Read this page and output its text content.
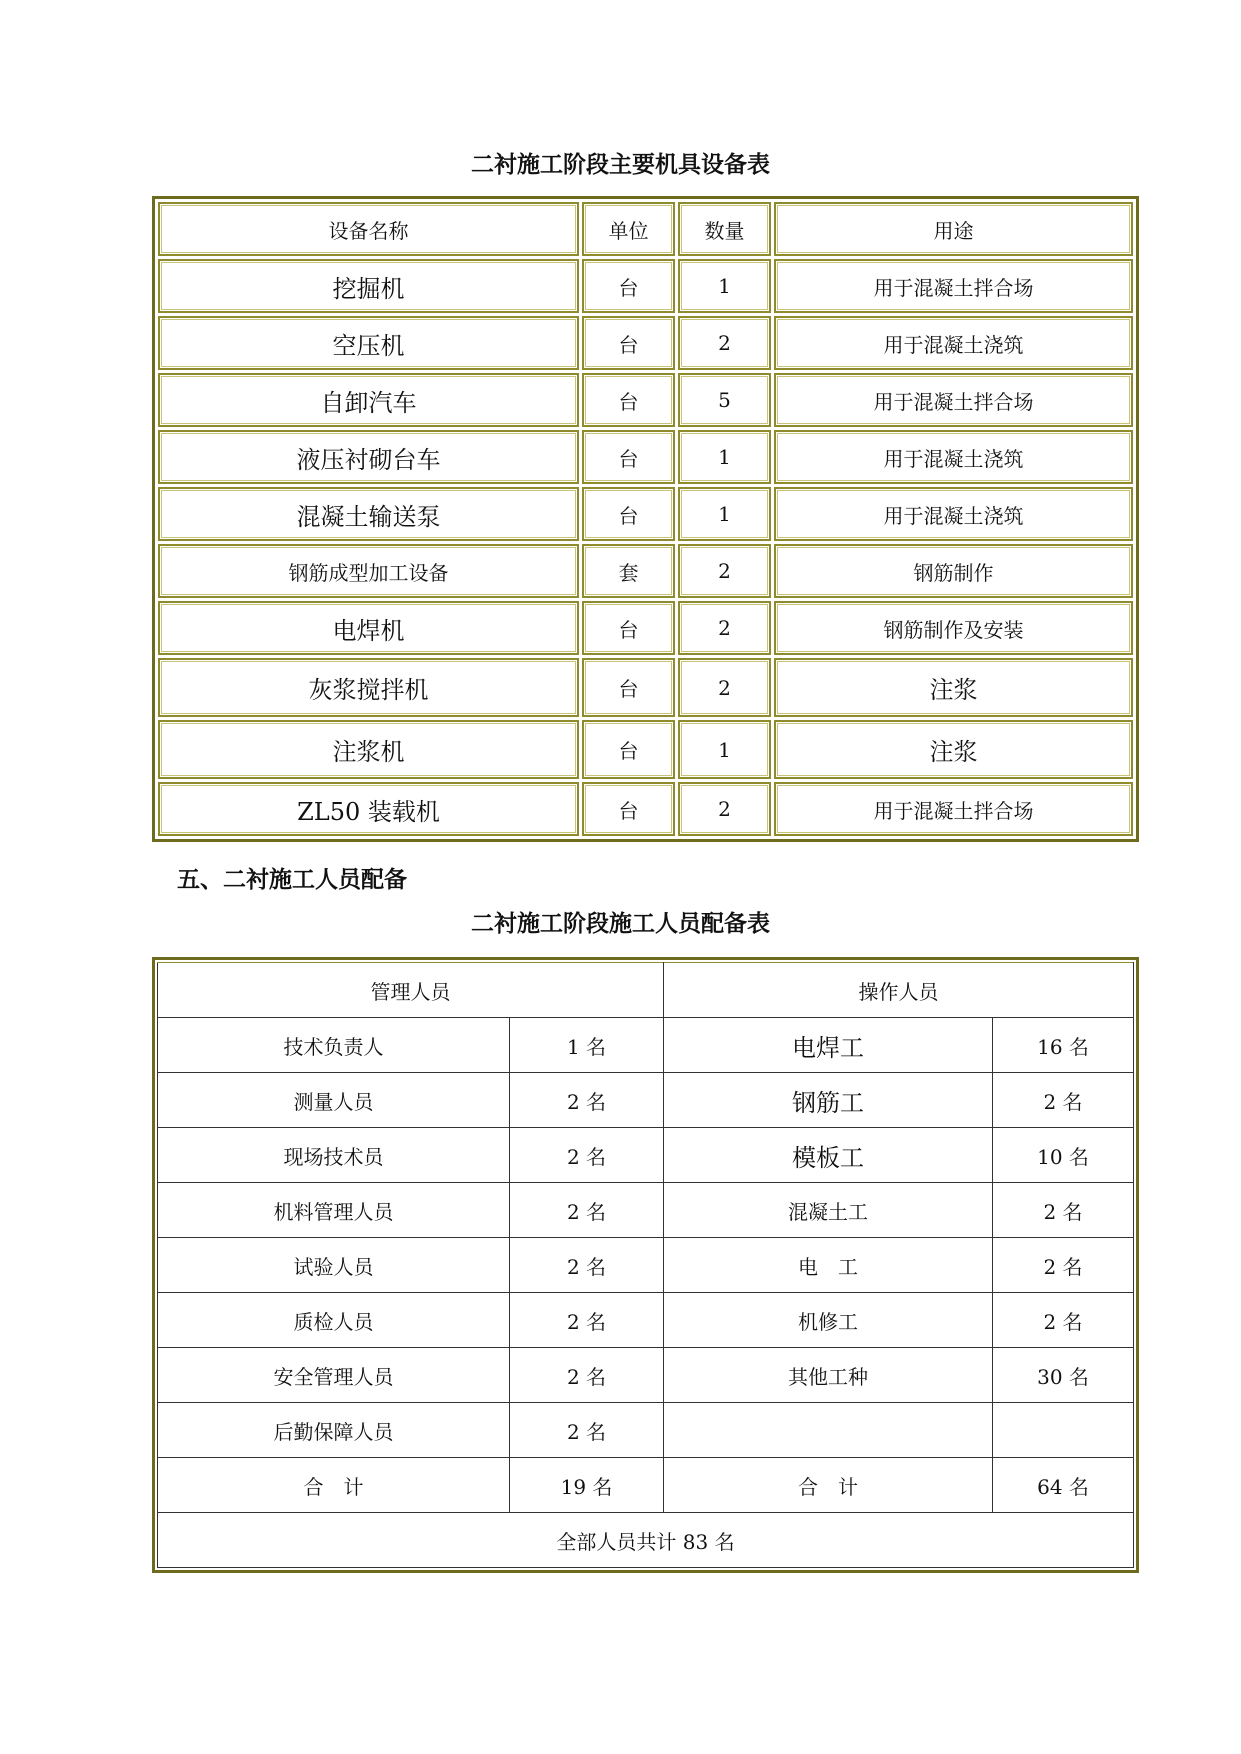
二衬施工阶段主要机具设备表
设备名称	单位	数量	用途
挖掘机	台	1	用于混凝土拌合场
空压机	台	2	用于混凝土浇筑
自卸汽车	台	5	用于混凝土拌合场
液压衬砌台车	台	1	用于混凝土浇筑
混凝土输送泵	台	1	用于混凝土浇筑
钢筋成型加工设备	套	2	钢筋制作
电焊机	台	2	钢筋制作及安装
灰浆搅拌机	台	2	注浆
注浆机	台	1	注浆
ZL50 装载机	台	2	用于混凝土拌合场
五、二衬施工人员配备
二衬施工阶段施工人员配备表
管理人员		操作人员	
技术负责人	1 名	电焊工	16 名
测量人员	2 名	钢筋工	2 名
现场技术员	2 名	模板工	10 名
机料管理人员	2 名	混凝土工	2 名
试验人员	2 名	电　工	2 名
质检人员	2 名	机修工	2 名
安全管理人员	2 名	其他工种	30 名
后勤保障人员	2 名		
合　计	19 名	合　计	64 名
全部人员共计 83 名			
